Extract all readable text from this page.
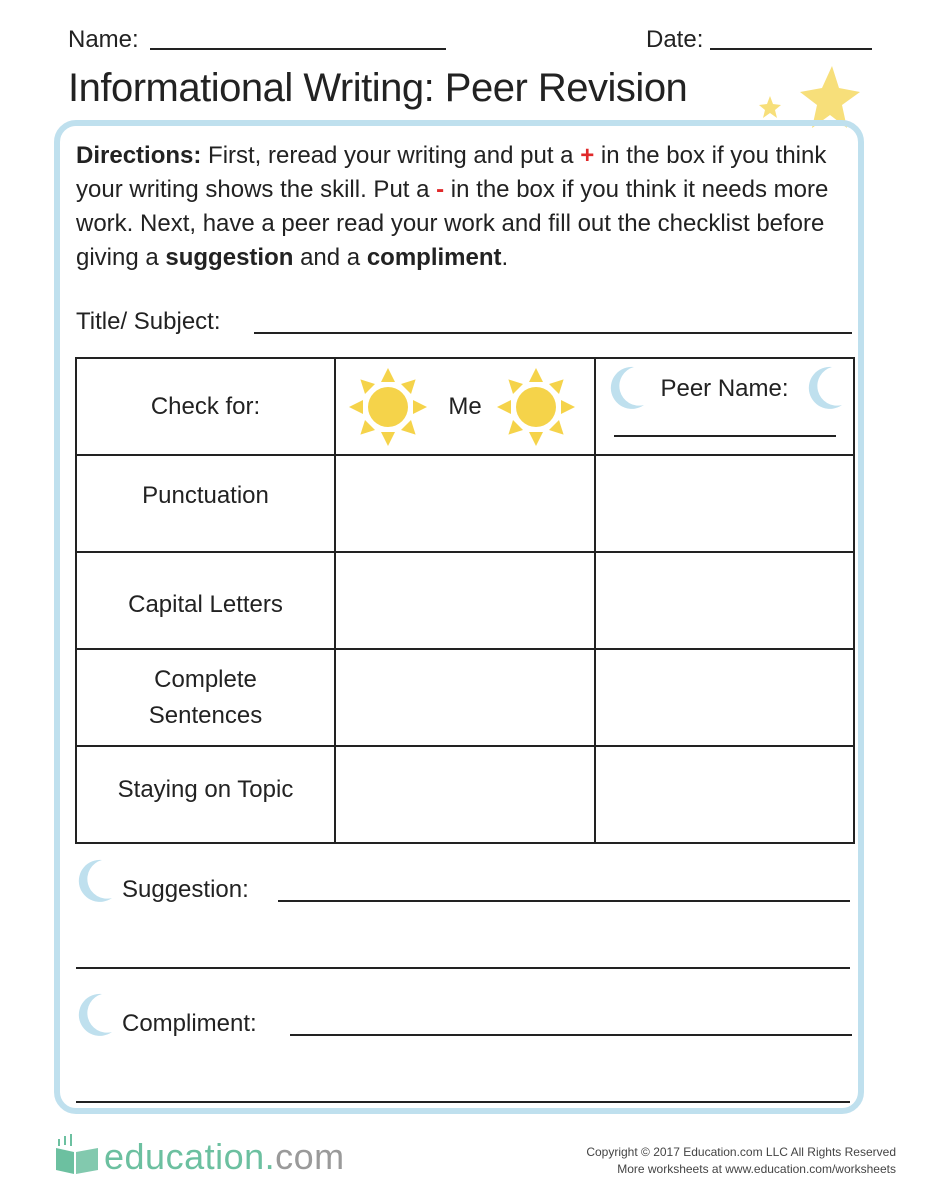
Name:	Date:
Informational Writing: Peer Revision
Directions: First, reread your writing and put a + in the box if you think your writing shows the skill. Put a - in the box if you think it needs more work. Next, have a peer read your work and fill out the checklist before giving a suggestion and a compliment.
Title/ Subject:
Check for:	Me	Peer Name:

Punctuation		

Capital Letters		

Complete Sentences		

Staying on Topic		

Suggestion:
Compliment:
education.com	Copyright © 2017 Education.com LLC All Rights Reserved
More worksheets at www.education.com/worksheets
